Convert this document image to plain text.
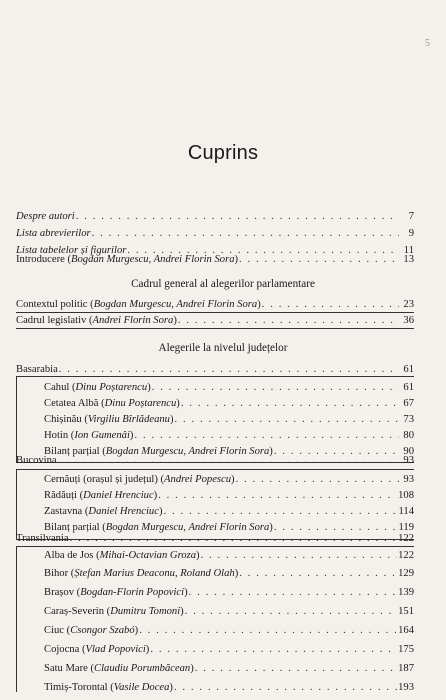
5
Cuprins
Despre autori . . .	7
Lista abrevierilor . . .	9
Lista tabelelor și figurilor . . .	11
Introducere (Bogdan Murgescu, Andrei Florin Sora) . . .	13
Cadrul general al alegerilor parlamentare
Contextul politic (Bogdan Murgescu, Andrei Florin Sora) . . .	23
Cadrul legislativ (Andrei Florin Sora) . . .	36
Alegerile la nivelul județelor
Basarabia . . .	61
Cahul (Dinu Poștarencu) . . .	61
Cetatea Albă (Dinu Poștarencu) . . .	67
Chișinău (Virgiliu Bîrlădeanu) . . .	73
Hotin (Ion Gumenâi) . . .	80
Bilanț parțial (Bogdan Murgescu, Andrei Florin Sora) . . .	90
Bucovina . . .	93
Cernăuți (orașul și județul) (Andrei Popescu) . . .	93
Rădăuți (Daniel Hrenciuc) . . .	108
Zastavna (Daniel Hrenciuc) . . .	114
Bilanț parțial (Bogdan Murgescu, Andrei Florin Sora) . . .	119
Transilvania . . .	122
Alba de Jos (Mihai-Octavian Groza) . . .	122
Bihor (Ștefan Marius Deaconu, Roland Olah) . . .	129
Brașov (Bogdan-Florin Popovici) . . .	139
Caraș-Severin (Dumitru Tomoni) . . .	151
Ciuc (Csongor Szabó) . . .	164
Cojocna (Vlad Popovici) . . .	175
Satu Mare (Claudiu Porumbăcean) . . .	187
Timiș-Torontal (Vasile Docea) . . .	193
